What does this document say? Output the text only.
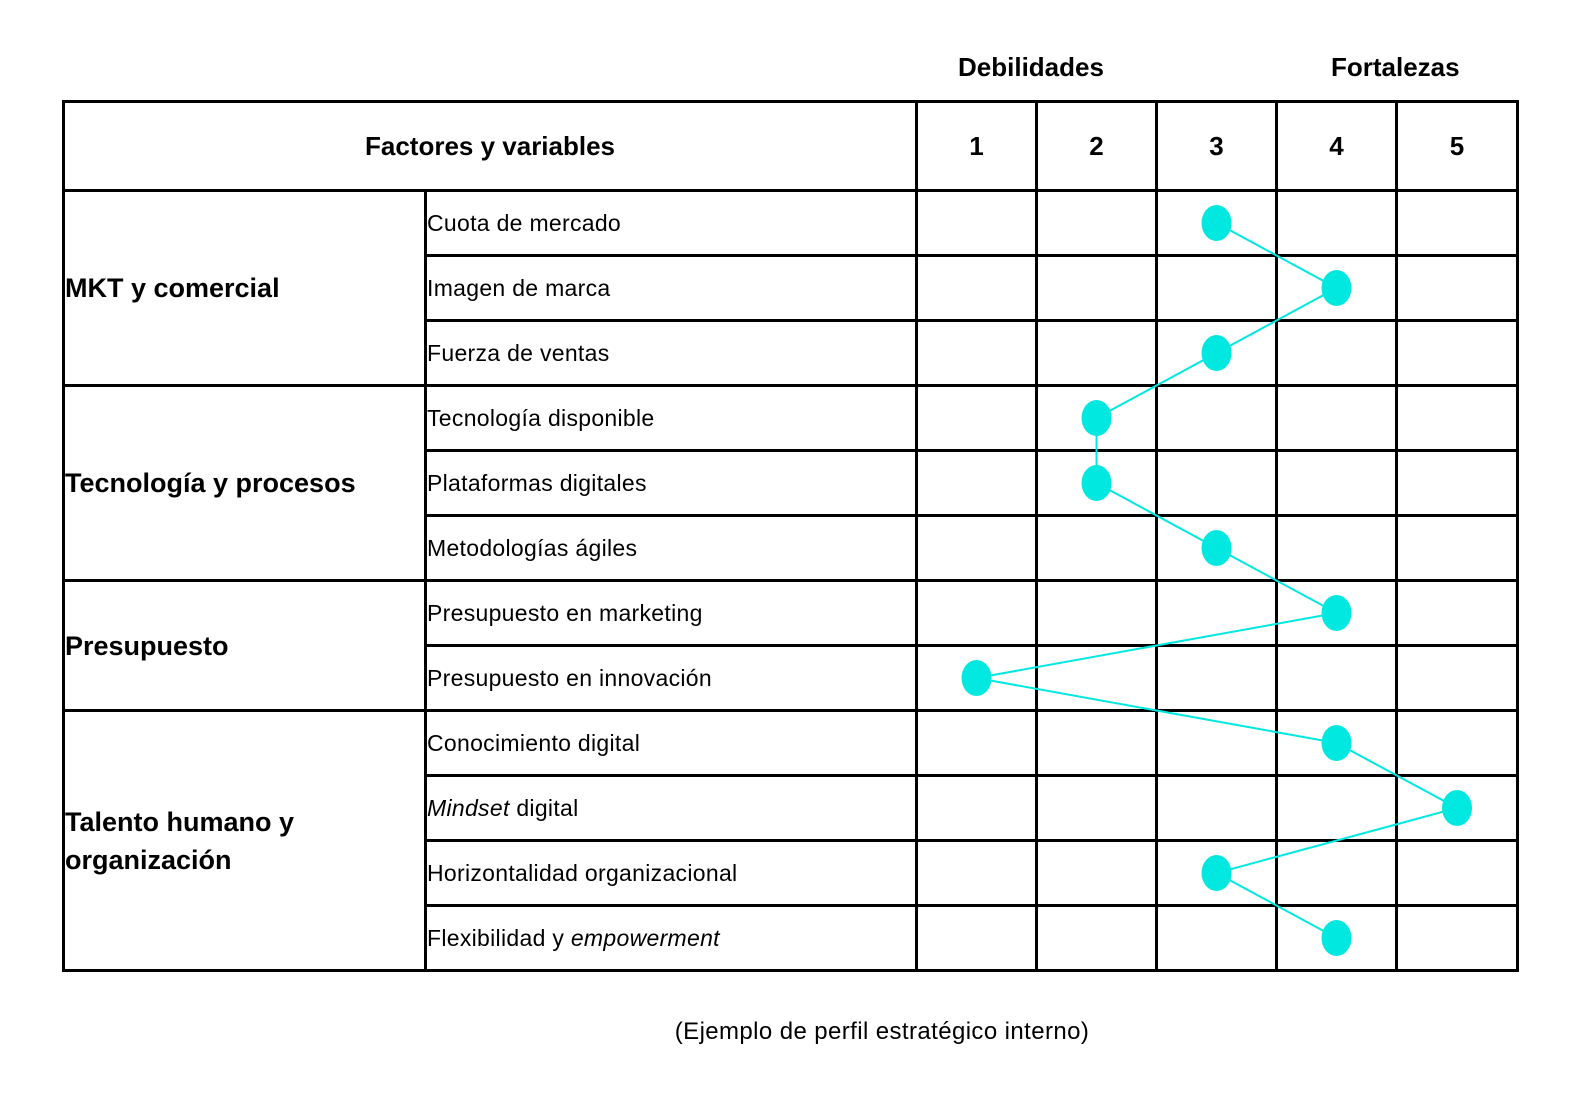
Debilidades	Fortalezas
Factores y variables		1	2	3	4	5
MKT y comercial	Cuota de mercado					
	Imagen de marca					
	Fuerza de ventas					
Tecnología y procesos	Tecnología disponible					
	Plataformas digitales					
	Metodologías ágiles					
Presupuesto	Presupuesto en marketing					
	Presupuesto en innovación					
Talento humano y organización	Conocimiento digital					
	Mindset digital					
	Horizontalidad organizacional					
	Flexibilidad y empowerment					
(Ejemplo de perfil estratégico interno)
